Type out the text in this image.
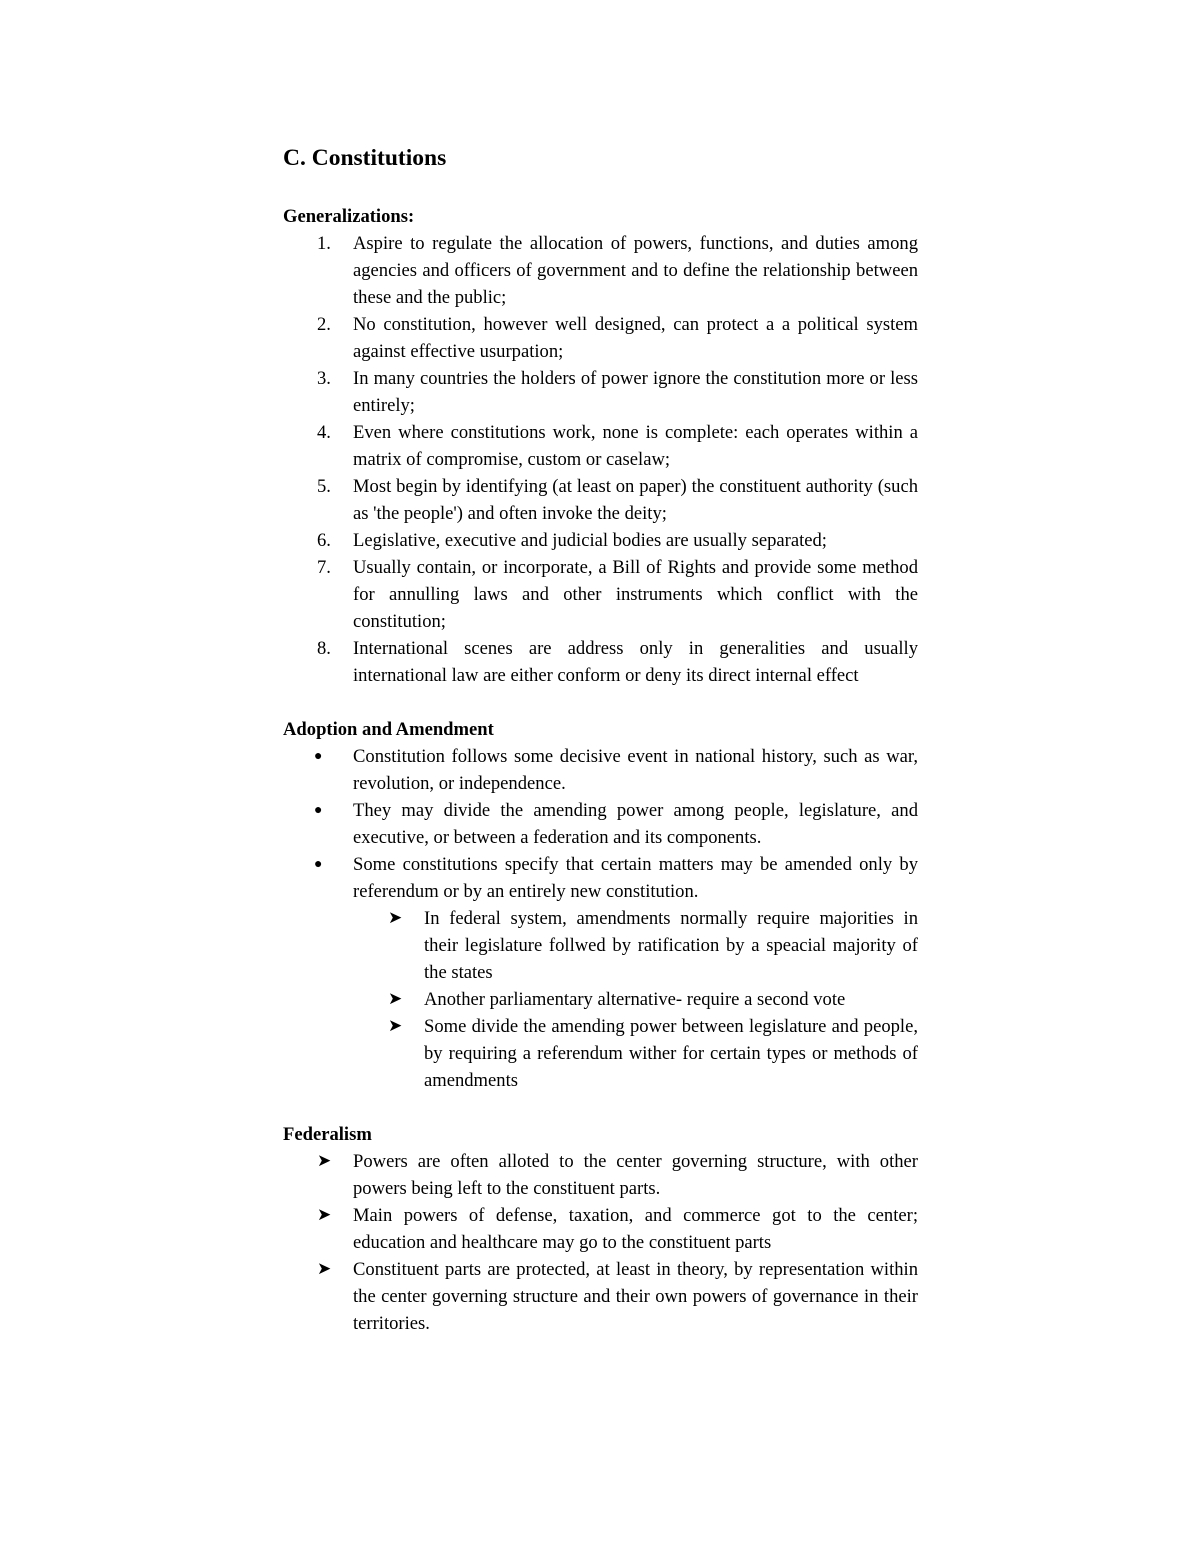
C. Constitutions
Generalizations:
1. Aspire to regulate the allocation of powers, functions, and duties among agencies and officers of government and to define the relationship between these and the public;
2. No constitution, however well designed, can protect a a political system against effective usurpation;
3. In many countries the holders of power ignore the constitution more or less entirely;
4. Even where constitutions work, none is complete: each operates within a matrix of compromise, custom or caselaw;
5. Most begin by identifying (at least on paper) the constituent authority (such as 'the people') and often invoke the deity;
6. Legislative, executive and judicial bodies are usually separated;
7. Usually contain, or incorporate, a Bill of Rights and provide some method for annulling laws and other instruments which conflict with the constitution;
8. International scenes are address only in generalities and usually international law are either conform or deny its direct internal effect
Adoption and Amendment
● Constitution follows some decisive event in national history, such as war, revolution, or independence.
● They may divide the amending power among people, legislature, and executive, or between a federation and its components.
● Some constitutions specify that certain matters may be amended only by referendum or by an entirely new constitution.
➤ In federal system, amendments normally require majorities in their legislature follwed by ratification by a speacial majority of the states
➤ Another parliamentary alternative- require a second vote
➤ Some divide the amending power between legislature and people, by requiring a referendum wither for certain types or methods of amendments
Federalism
➤ Powers are often alloted to the center governing structure, with other powers being left to the constituent parts.
➤ Main powers of defense, taxation, and commerce got to the center; education and healthcare may go to the constituent parts
➤ Constituent parts are protected, at least in theory, by representation within the center governing structure and their own powers of governance in their territories.
